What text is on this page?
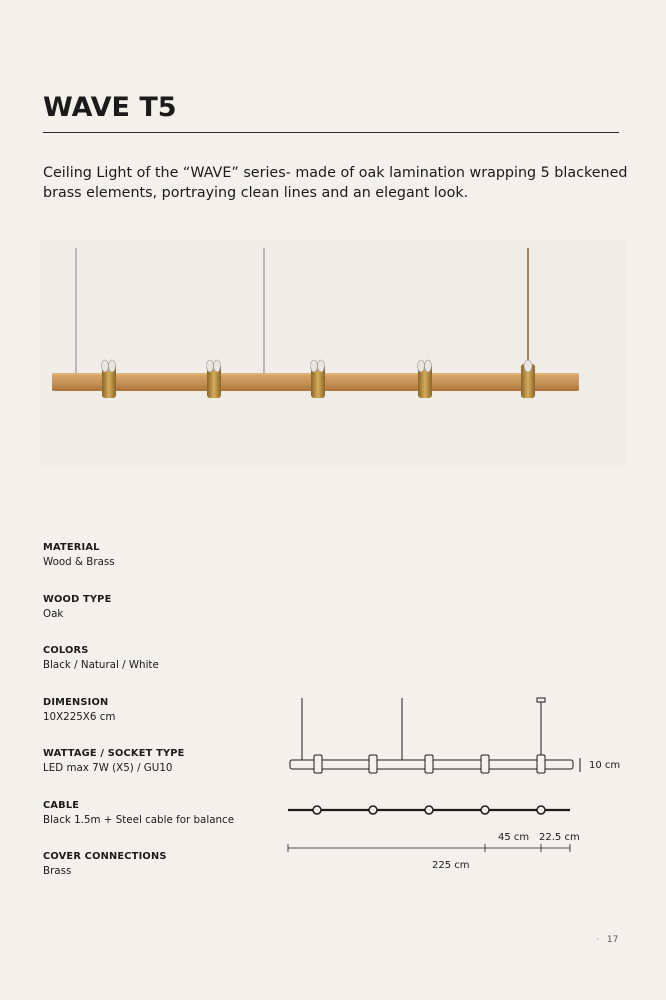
WAVE T5

Ceiling Light of the “WAVE” series- made of oak lamination wrapping 5 blackened brass elements, portraying clean lines and an elegant look.

MATERIAL
Wood & Brass
WOOD TYPE
Oak
COLORS
Black / Natural / White
DIMENSION
10X225X6 cm
WATTAGE / SOCKET TYPE
LED max 7W (X5) / GU10
CABLE
Black 1.5m + Steel cable for balance
COVER CONNECTIONS
Brass
10 cm
45 cm 22.5 cm
225 cm
· 17
